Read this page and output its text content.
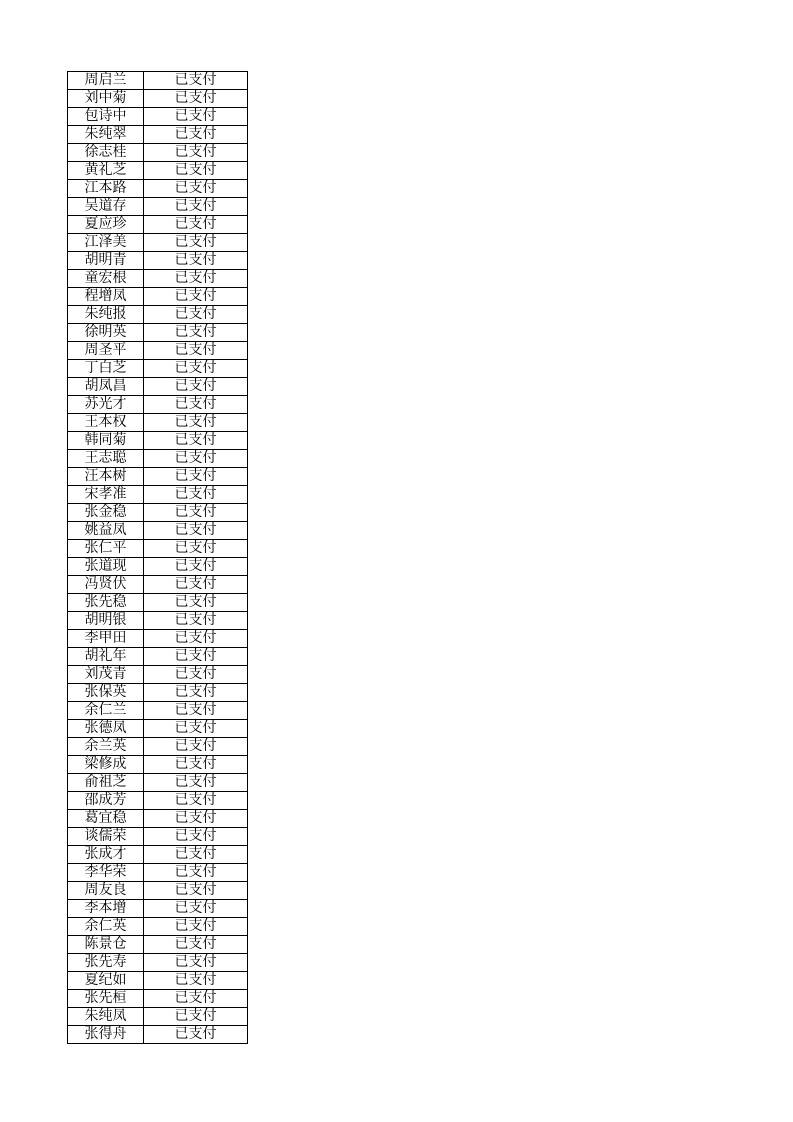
周启兰	已支付
刘中菊	已支付
包诗中	已支付
朱纯翠	已支付
徐志桂	已支付
黄礼芝	已支付
江本路	已支付
吴道存	已支付
夏应珍	已支付
江泽美	已支付
胡明青	已支付
童宏根	已支付
程增凤	已支付
朱纯报	已支付
徐明英	已支付
周圣平	已支付
丁白芝	已支付
胡凤昌	已支付
苏光才	已支付
王本权	已支付
韩同菊	已支付
王志聪	已支付
汪本树	已支付
宋孝准	已支付
张金稳	已支付
姚益凤	已支付
张仁平	已支付
张道现	已支付
冯贤伏	已支付
张先稳	已支付
胡明银	已支付
李甲田	已支付
胡礼年	已支付
刘茂青	已支付
张保英	已支付
余仁兰	已支付
张德凤	已支付
余兰英	已支付
梁修成	已支付
俞祖芝	已支付
邵成芳	已支付
葛宜稳	已支付
谈儒荣	已支付
张成才	已支付
李华荣	已支付
周友良	已支付
李本增	已支付
余仁英	已支付
陈景仓	已支付
张先寿	已支付
夏纪如	已支付
张先桓	已支付
朱纯凤	已支付
张得舟	已支付
